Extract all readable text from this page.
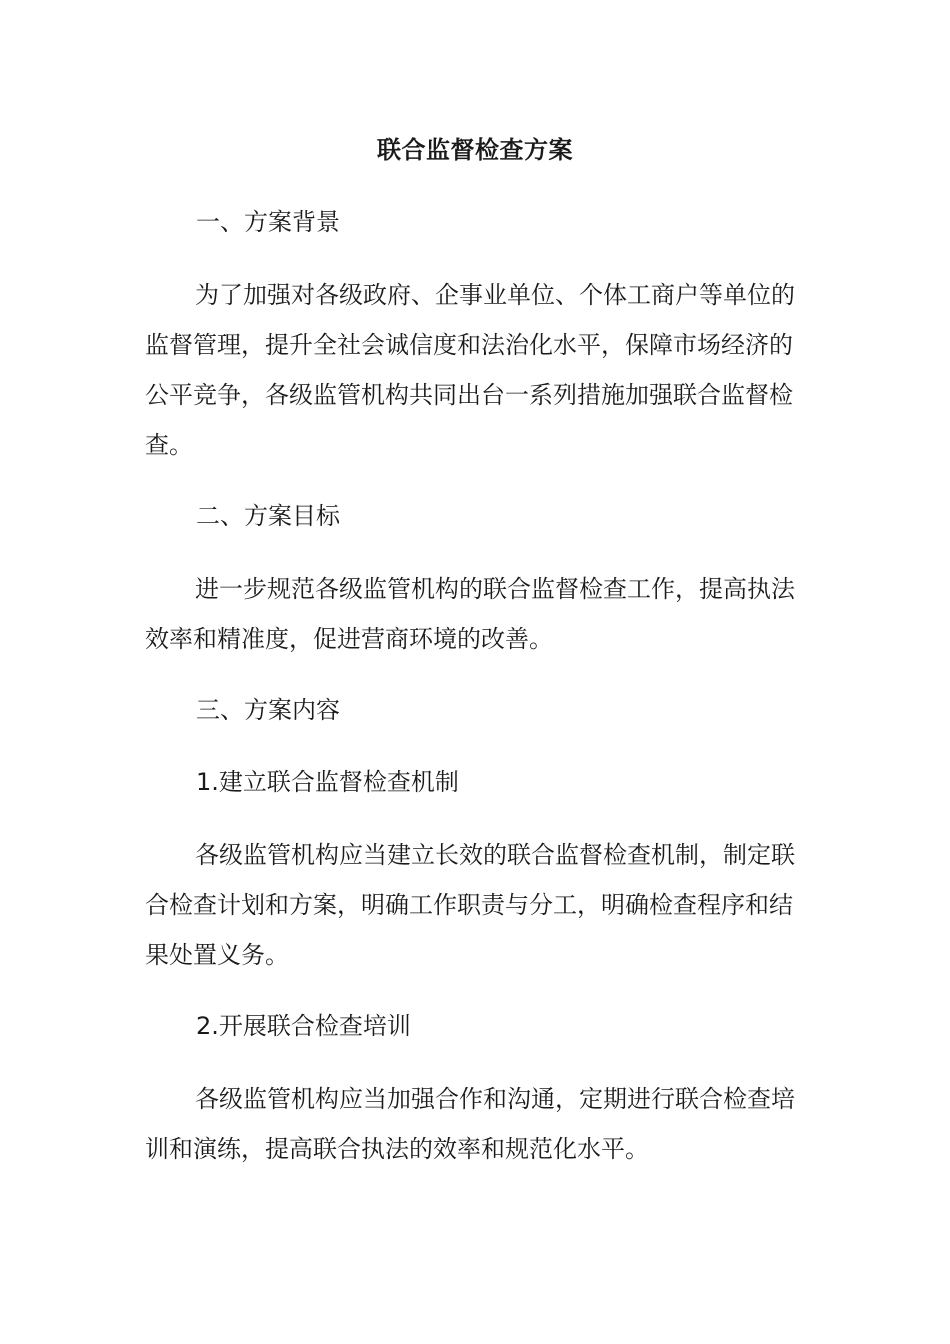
联合监督检查方案
一、方案背景

为了加强对各级政府、企事业单位、个体工商户等单位的监督管理，提升全社会诚信度和法治化水平，保障市场经济的公平竞争，各级监管机构共同出台一系列措施加强联合监督检查。

二、方案目标

进一步规范各级监管机构的联合监督检查工作，提高执法效率和精准度，促进营商环境的改善。

三、方案内容
1.建立联合监督检查机制

各级监管机构应当建立长效的联合监督检查机制，制定联合检查计划和方案，明确工作职责与分工，明确检查程序和结果处置义务。

2.开展联合检查培训

各级监管机构应当加强合作和沟通，定期进行联合检查培训和演练，提高联合执法的效率和规范化水平。
